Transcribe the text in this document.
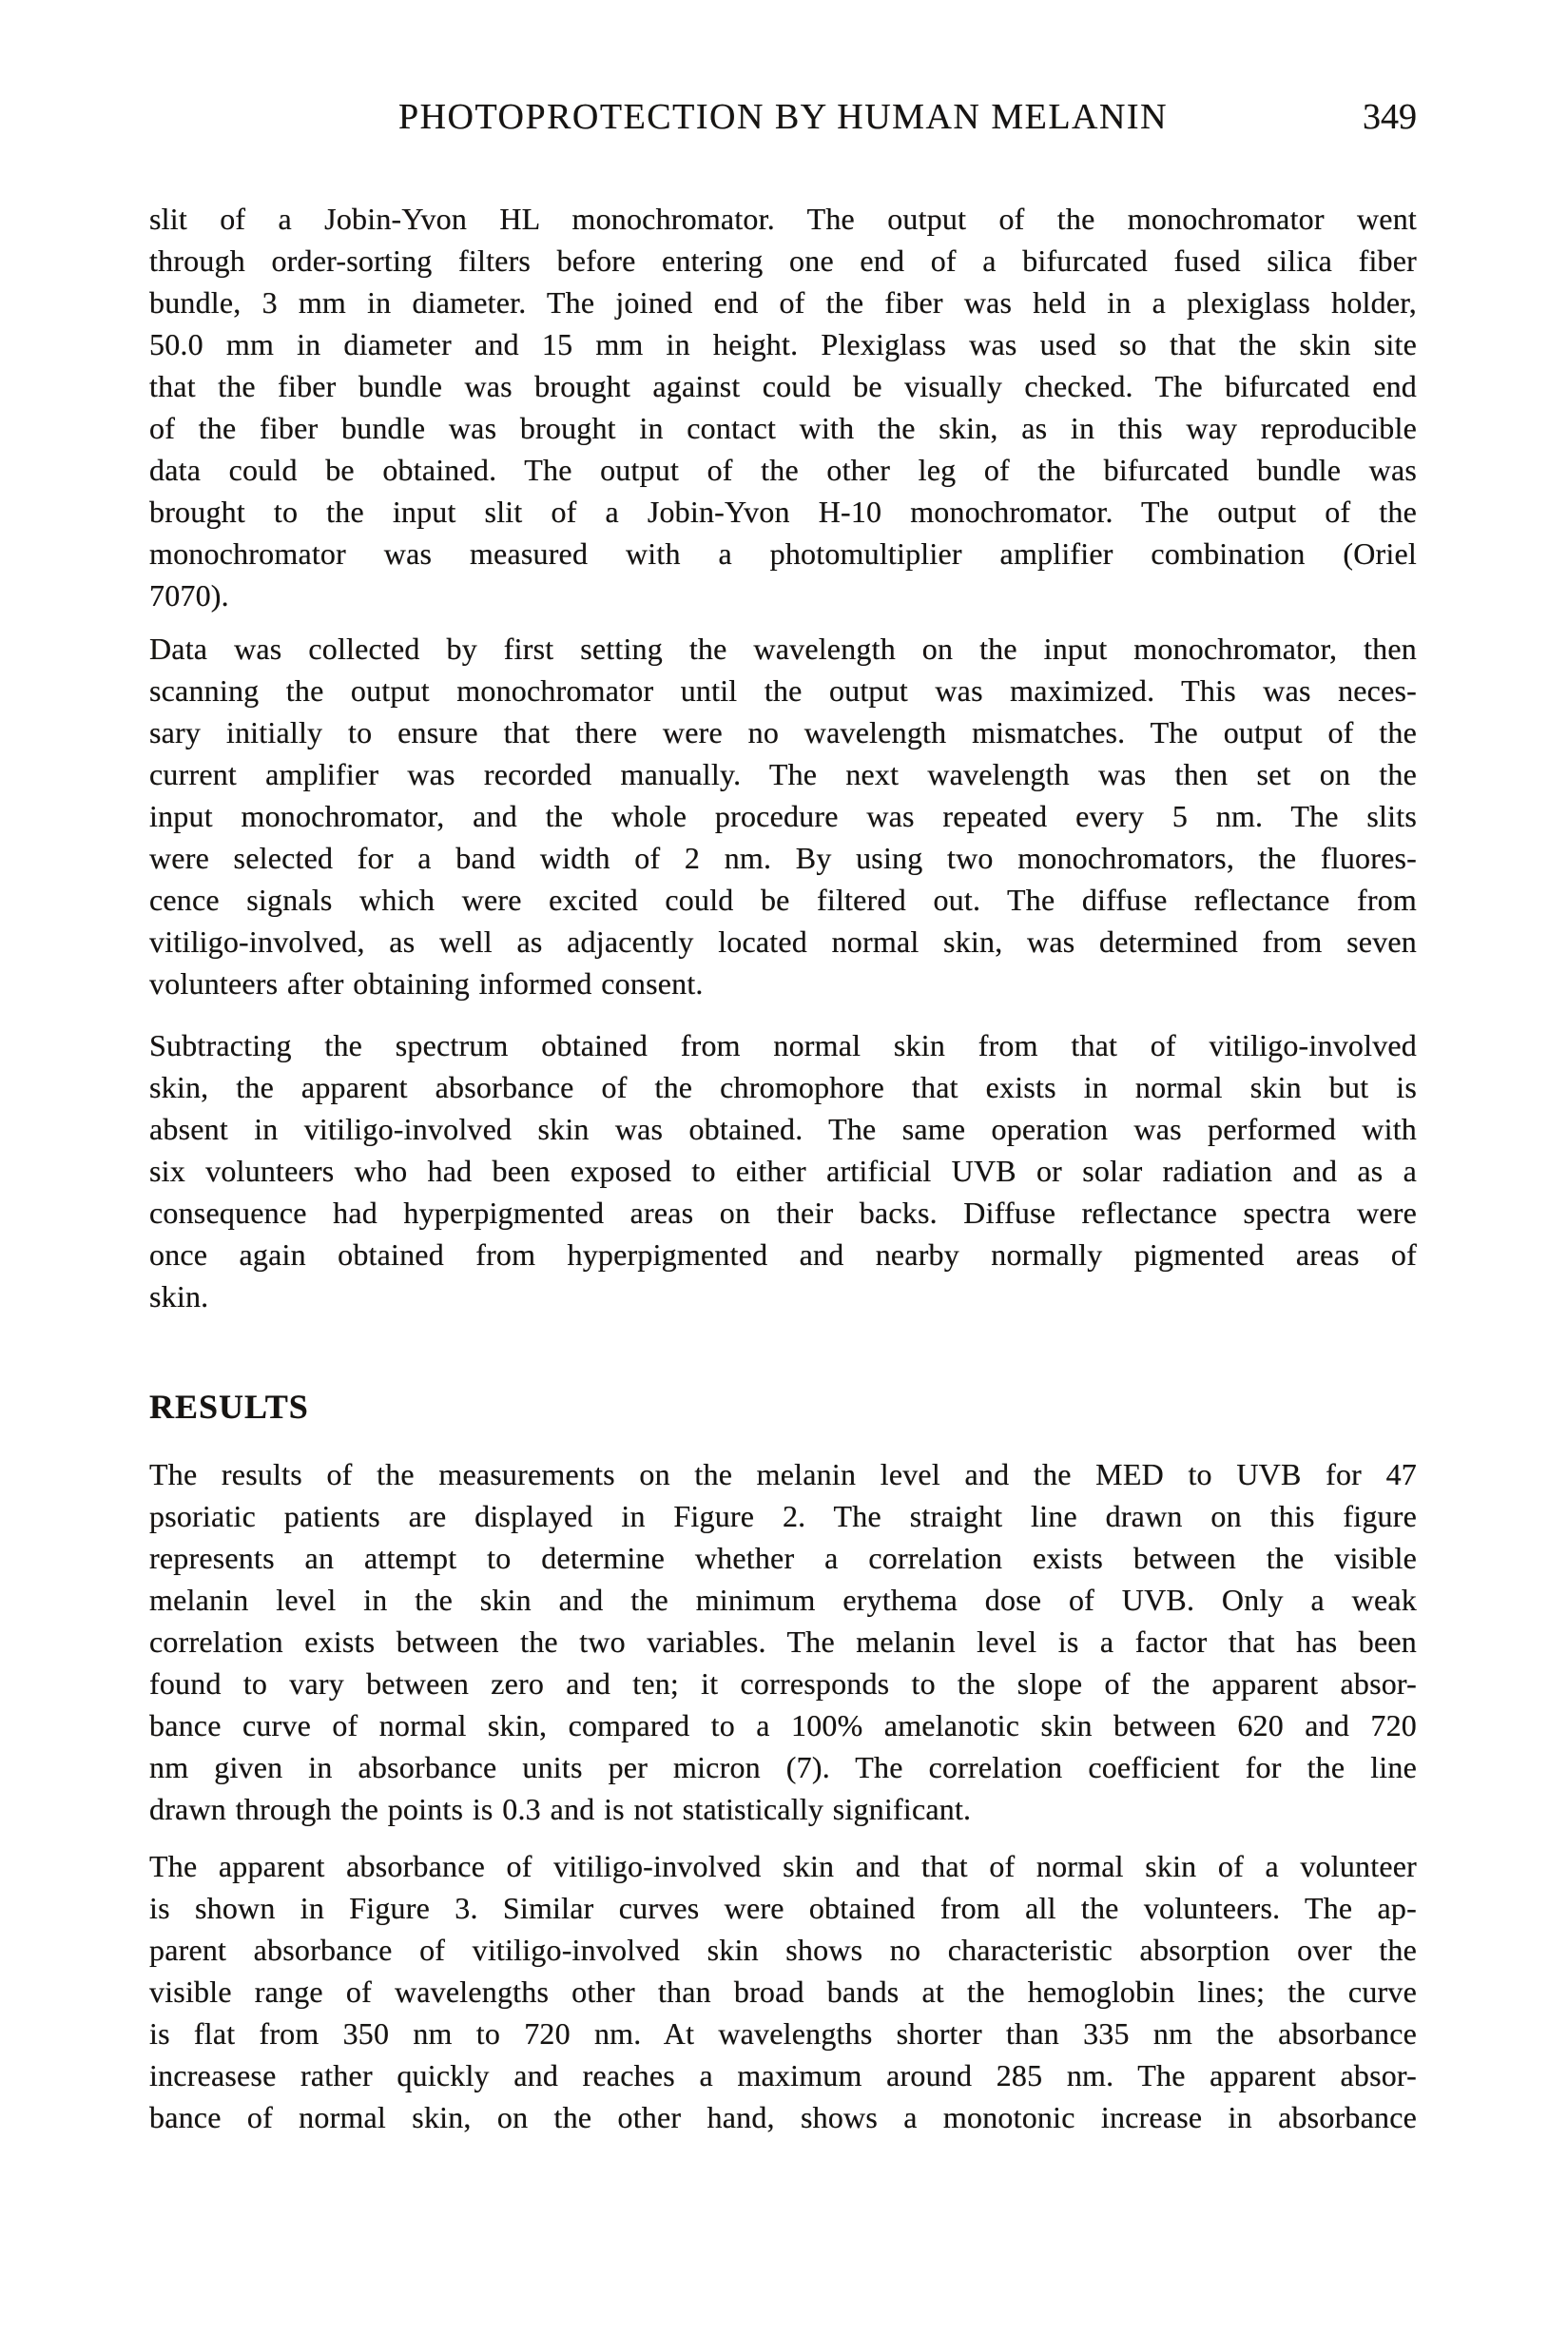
PHOTOPROTECTION BY HUMAN MELANIN	349
slit of a Jobin-Yvon HL monochromator. The output of the monochromator went
through order-sorting filters before entering one end of a bifurcated fused silica fiber
bundle, 3 mm in diameter. The joined end of the fiber was held in a plexiglass holder,
50.0 mm in diameter and 15 mm in height. Plexiglass was used so that the skin site
that the fiber bundle was brought against could be visually checked. The bifurcated end
of the fiber bundle was brought in contact with the skin, as in this way reproducible
data could be obtained. The output of the other leg of the bifurcated bundle was
brought to the input slit of a Jobin-Yvon H-10 monochromator. The output of the
monochromator was measured with a photomultiplier amplifier combination (Oriel
7070).
Data was collected by first setting the wavelength on the input monochromator, then
scanning the output monochromator until the output was maximized. This was neces-
sary initially to ensure that there were no wavelength mismatches. The output of the
current amplifier was recorded manually. The next wavelength was then set on the
input monochromator, and the whole procedure was repeated every 5 nm. The slits
were selected for a band width of 2 nm. By using two monochromators, the fluores-
cence signals which were excited could be filtered out. The diffuse reflectance from
vitiligo-involved, as well as adjacently located normal skin, was determined from seven
volunteers after obtaining informed consent.
Subtracting the spectrum obtained from normal skin from that of vitiligo-involved
skin, the apparent absorbance of the chromophore that exists in normal skin but is
absent in vitiligo-involved skin was obtained. The same operation was performed with
six volunteers who had been exposed to either artificial UVB or solar radiation and as a
consequence had hyperpigmented areas on their backs. Diffuse reflectance spectra were
once again obtained from hyperpigmented and nearby normally pigmented areas of
skin.
RESULTS
The results of the measurements on the melanin level and the MED to UVB for 47
psoriatic patients are displayed in Figure 2. The straight line drawn on this figure
represents an attempt to determine whether a correlation exists between the visible
melanin level in the skin and the minimum erythema dose of UVB. Only a weak
correlation exists between the two variables. The melanin level is a factor that has been
found to vary between zero and ten; it corresponds to the slope of the apparent absor-
bance curve of normal skin, compared to a 100% amelanotic skin between 620 and 720
nm given in absorbance units per micron (7). The correlation coefficient for the line
drawn through the points is 0.3 and is not statistically significant.
The apparent absorbance of vitiligo-involved skin and that of normal skin of a volunteer
is shown in Figure 3. Similar curves were obtained from all the volunteers. The ap-
parent absorbance of vitiligo-involved skin shows no characteristic absorption over the
visible range of wavelengths other than broad bands at the hemoglobin lines; the curve
is flat from 350 nm to 720 nm. At wavelengths shorter than 335 nm the absorbance
increasese rather quickly and reaches a maximum around 285 nm. The apparent absor-
bance of normal skin, on the other hand, shows a monotonic increase in absorbance
